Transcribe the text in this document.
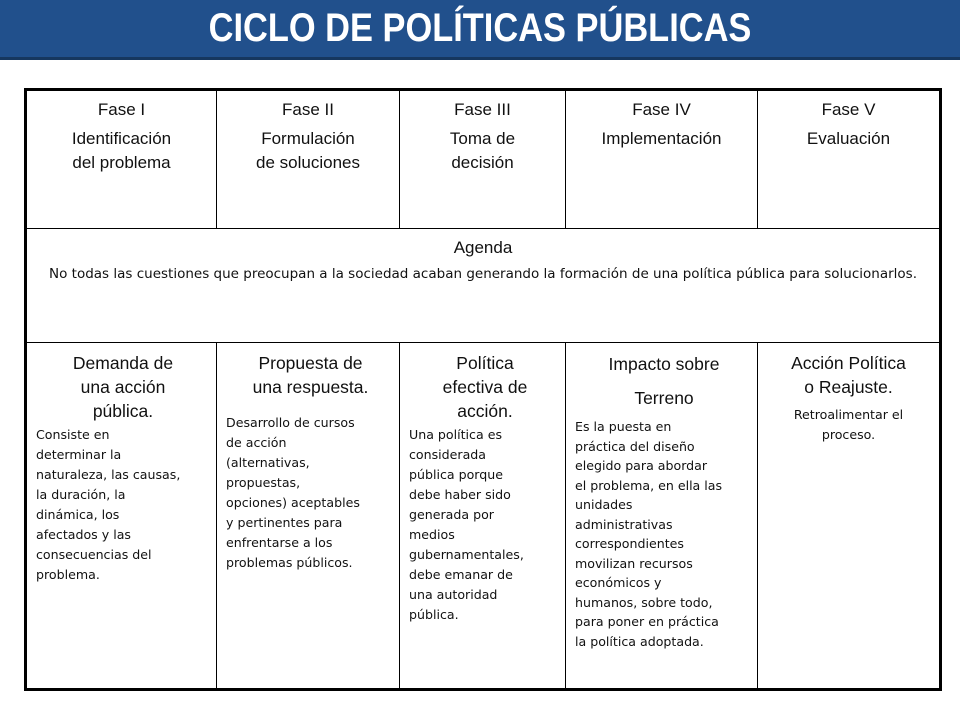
CICLO DE POLÍTICAS PÚBLICAS
Fase I
Identificación
del problema
Fase II
Formulación
de soluciones
Fase III
Toma de
decisión
Fase IV
Implementación
Fase V
Evaluación
Agenda
No todas las cuestiones que preocupan a la sociedad acaban generando la formación de una política pública para solucionarlos.
Demanda de
una acción
pública.
Consiste en
determinar la
naturaleza, las causas,
la duración, la
dinámica, los
afectados y las
consecuencias del
problema.
Propuesta de
una respuesta.
Desarrollo de cursos
de acción
(alternativas,
propuestas,
opciones) aceptables
y pertinentes para
enfrentarse a los
problemas públicos.
Política
efectiva de
acción.
Una política es
considerada
pública porque
debe haber sido
generada por
medios
gubernamentales,
debe emanar de
una autoridad
pública.
Impacto sobre
Terreno
Es la puesta en
práctica del diseño
elegido para abordar
el problema, en ella las
unidades
administrativas
correspondientes
movilizan recursos
económicos y
humanos, sobre todo,
para poner en práctica
la política adoptada.
Acción Política
o Reajuste.
Retroalimentar el
proceso.
